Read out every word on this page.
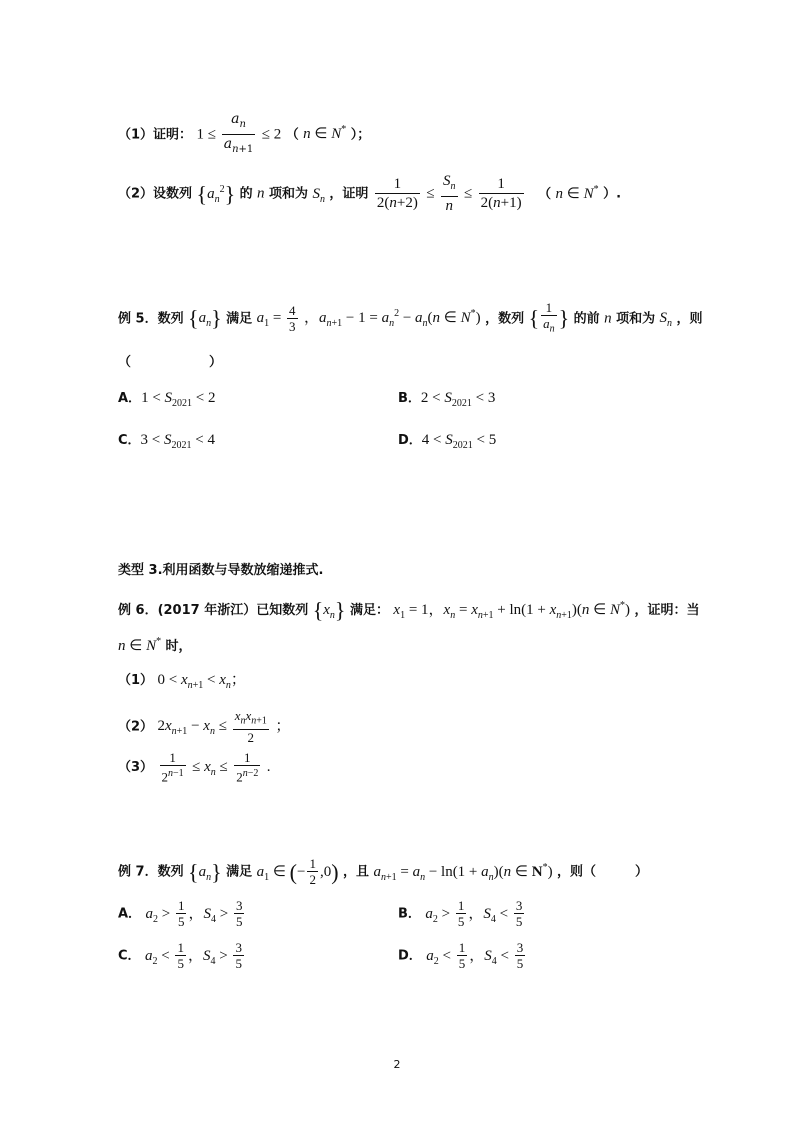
（1）证明： $1 \le \frac{a_n}{a_{n+1}} \le 2$ （ n ∈ N* ）；
（2）设数列 $\{a_n^2\}$ 的 n 项和为 $S_n$ ，证明 $\frac{1}{2(n+2)} \le \frac{S_n}{n} \le \frac{1}{2(n+1)}$ （ n ∈ N* ）.
例 5．数列 $\{a_n\}$ 满足 $a_1 = \frac{4}{3}$ ，$a_{n+1} - 1 = a_n^2 - a_n(n$ ∈ N*) ，数列 { $\frac{1}{a_n}$ } 的前 n 项和为 $S_n$ ，则
（　　　　　　）
A．$1 < S_{2021} < 2$	B．$2 < S_{2021} < 3$
C．$3 < S_{2021} < 4$	D．$4 < S_{2021} < 5$
类型 3.利用函数与导数放缩递推式.
例 6．(2017 年浙江）已知数列 $\{x_n\}$ 满足： $x_1 = 1$，$x_n = x_{n+1} + \ln(1 + x_{n+1})(n$ ∈ N*) ，证明：当
n ∈ N* 时，
（1） $0 < x_{n+1} < x_n$；
（2） $2x_{n+1} - x_n \le \frac{x_nx_{n+1}}{2}$ ；
$(3) \frac{1}{2^{n-1}} \le x_n \le \frac{1}{2^{n-2}}$ .
例 7．数列 $\{a_n\}$ 满足 $a_1$ ∈ (− $\frac{1}{2} ,0$) ，且 $a_{n+1} = a_n - \ln(1 + a_n)(n$ ∈ N*) ，则（　　　）
A． $a_2 > \frac{1}{5}$ ，$S_4 > \frac{3}{5}$	B． $a_2 > \frac{1}{5}$ ，$S_4 < \frac{3}{5}$
C． $a_2 < \frac{1}{5}$ ，$S_4 > \frac{3}{5}$	D． $a_2 < \frac{1}{5}$ ，$S_4 < \frac{3}{5}$
2
